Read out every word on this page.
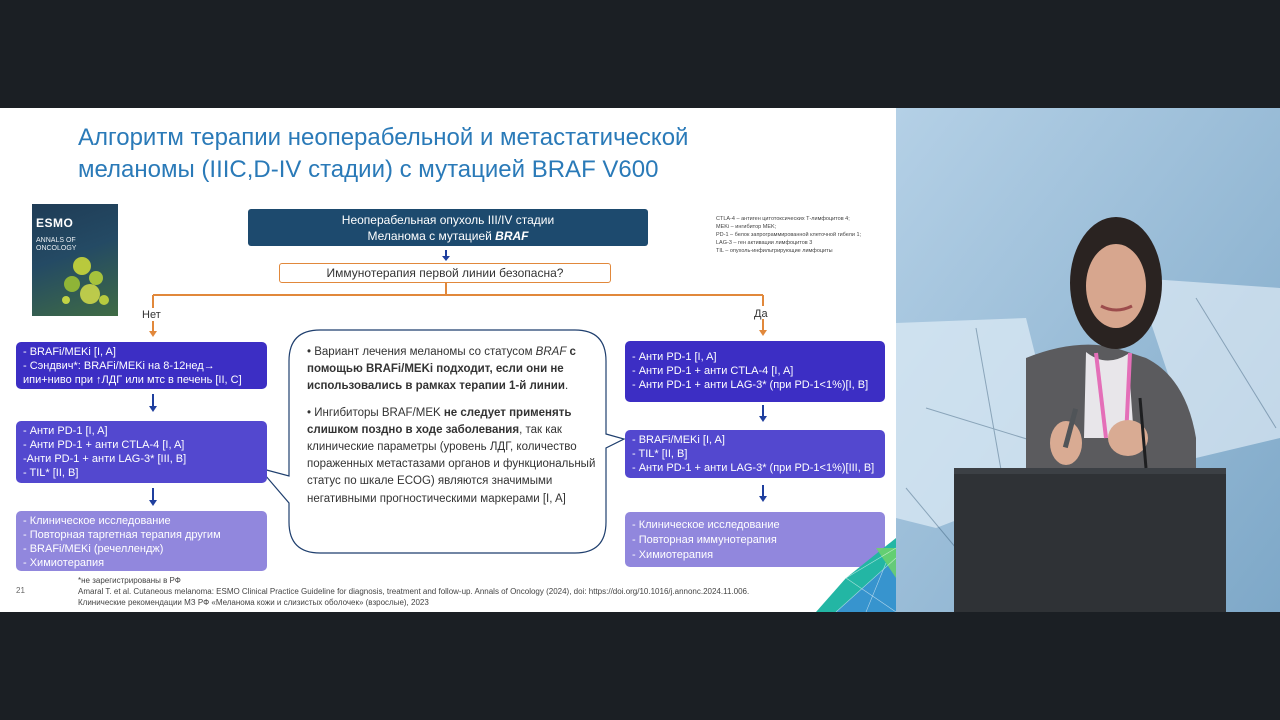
Алгоритм терапии неоперабельной и метастатической
меланомы (IIIC,D-IV стадии) с мутацией BRAF V600
ESMO
ANNALS OF ONCOLOGY
Неоперабельная опухоль III/IV стадии
Меланома с мутацией BRAF
Иммунотерапия первой линии безопасна?
CTLA-4 – антиген цитотоксических Т-лимфоцитов 4;
MEKi – ингибитор MEK;
PD-1 – белок запрограммированной клеточной гибели 1;
LAG-3 – ген активации лимфоцитов 3
TIL – опухоль-инфильтрирующие лимфоциты
Нет	Да
- BRAFi/MEKi [I, A]
- Сэндвич*: BRAFi/MEKi на 8-12нед→
ипи+ниво при ↑ЛДГ или мтс в печень [II, C]
- Анти PD-1 [I, A]
- Анти PD-1 + анти CTLA-4 [I, A]
-Анти PD-1 + анти LAG-3* [III, B]
- TIL* [II, B]
- Клиническое исследование
- Повторная таргетная терапия другим
- BRAFi/MEKi (речеллендж)
- Химиотерапия
- Анти PD-1 [I, A]
- Анти PD-1 + анти CTLA-4 [I, A]
- Анти PD-1 + анти LAG-3* (при PD-1<1%)[I, B]
- BRAFi/MEKi [I, A]
- TIL* [II, B]
- Анти PD-1 + анти LAG-3* (при PD-1<1%)[III, B]
- Клиническое исследование
- Повторная иммунотерапия
- Химиотерапия

• Вариант лечения меланомы со статусом BRAF с помощью BRAFi/MEKi подходит, если они не использовались в рамках терапии 1-й линии.

• Ингибиторы BRAF/MEK не следует применять слишком поздно в ходе заболевания, так как клинические параметры (уровень ЛДГ, количество пораженных метастазами органов и функциональный статус по шкале ECOG) являются значимыми негативными прогностическими маркерами [I, A]

21
*не зарегистрированы в РФ
Amaral T. et al. Cutaneous melanoma: ESMO Clinical Practice Guideline for diagnosis, treatment and follow-up. Annals of Oncology (2024), doi: https://doi.org/10.1016/j.annonc.2024.11.006.
Клинические рекомендации МЗ РФ «Меланома кожи и слизистых оболочек» (взрослые), 2023
